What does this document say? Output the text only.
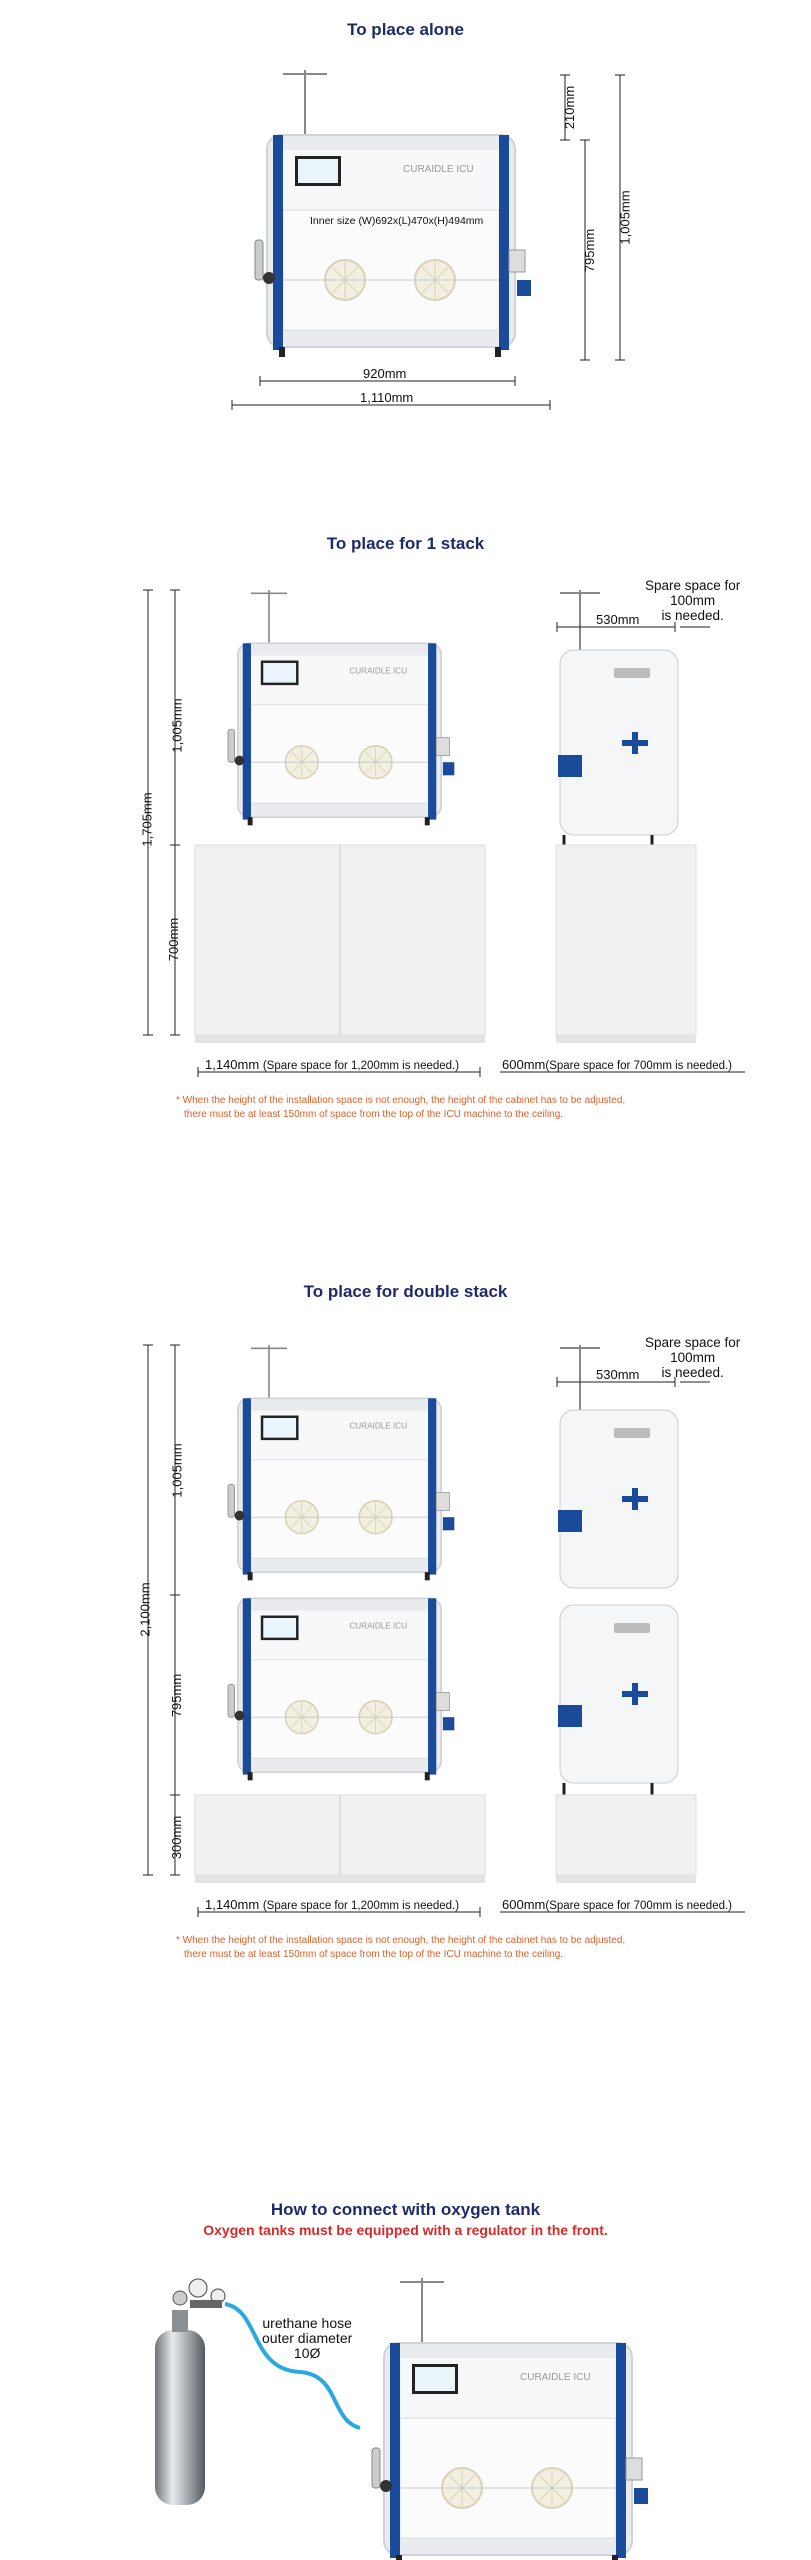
To place alone
CURAIDLE ICU
Inner size (W)692x(L)470x(H)494mm
210mm
795mm
1,005mm
920mm
1,110mm
To place for 1 stack
CURAIDLE ICU
Spare space for
100mm
is needed.
530mm
1,005mm
700mm
1,705mm
1,140mm (Spare space for 1,200mm is needed.)	600mm(Spare space for 700mm is needed.)
* When the height of the installation space is not enough, the height of the cabinet has to be adjusted,
there must be at least 150mm of space from the top of the ICU machine to the ceiling.
To place for double stack
CURAIDLE ICU
CURAIDLE ICU
Spare space for
100mm
is needed.
530mm
1,005mm
795mm
300mm
2,100mm
1,140mm (Spare space for 1,200mm is needed.)	600mm(Spare space for 700mm is needed.)
* When the height of the installation space is not enough, the height of the cabinet has to be adjusted,
there must be at least 150mm of space from the top of the ICU machine to the ceiling.
How to connect with oxygen tank
Oxygen tanks must be equipped with a regulator in the front.
CURAIDLE ICU
urethane hose
outer diameter
10Ø
